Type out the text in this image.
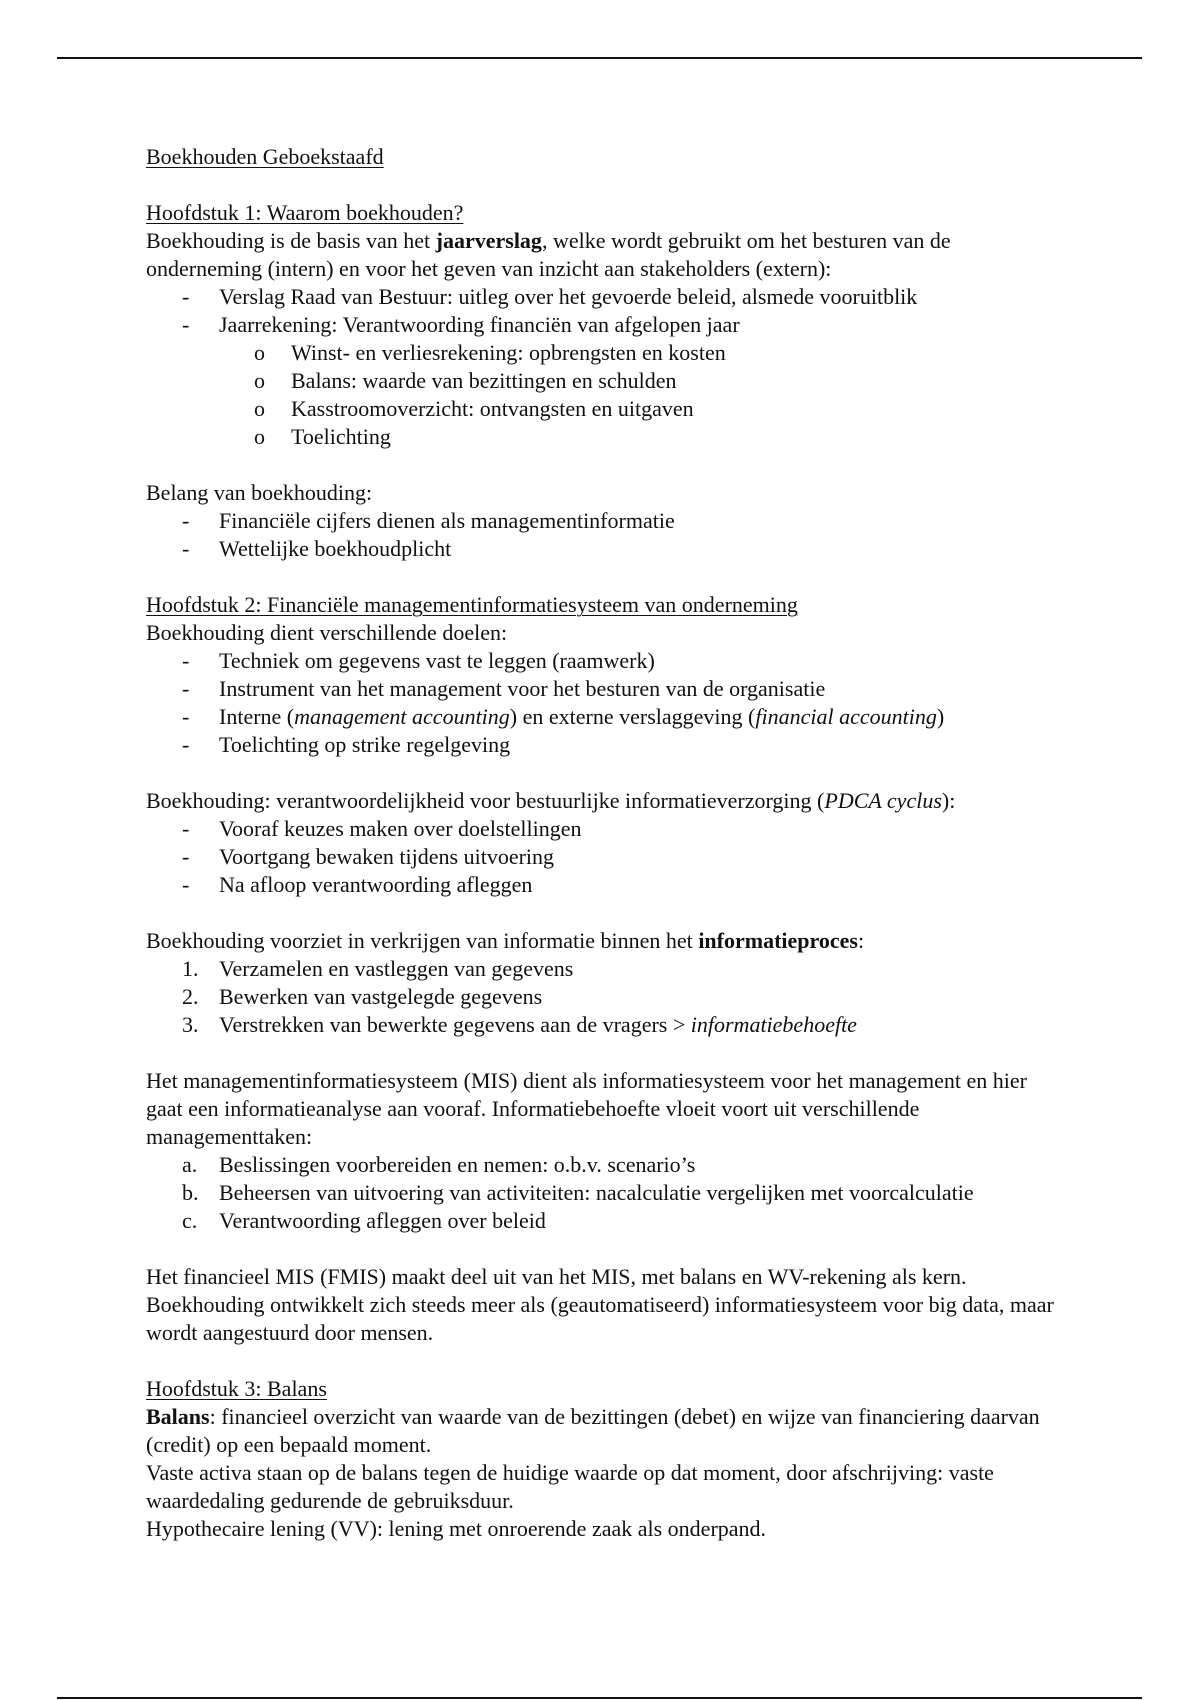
Boekhouden Geboekstaafd

Hoofdstuk 1: Waarom boekhouden?

Boekhouding is de basis van het jaarverslag, welke wordt gebruikt om het besturen van de onderneming (intern) en voor het geven van inzicht aan stakeholders (extern):

-	Verslag Raad van Bestuur: uitleg over het gevoerde beleid, alsmede vooruitblik
-	Jaarrekening: Verantwoording financiën van afgelopen jaar
o Winst- en verliesrekening: opbrengsten en kosten
o Balans: waarde van bezittingen en schulden
o Kasstroomoverzicht: ontvangsten en uitgaven
o Toelichting

Belang van boekhouding:

-	Financiële cijfers dienen als managementinformatie
-	Wettelijke boekhoudplicht

Hoofdstuk 2: Financiële managementinformatiesysteem van onderneming

Boekhouding dient verschillende doelen:

-	Techniek om gegevens vast te leggen (raamwerk)
-	Instrument van het management voor het besturen van de organisatie
-	Interne (management accounting) en externe verslaggeving (financial accounting)
-	Toelichting op strike regelgeving

Boekhouding: verantwoordelijkheid voor bestuurlijke informatieverzorging (PDCA cyclus):

-	Vooraf keuzes maken over doelstellingen
-	Voortgang bewaken tijdens uitvoering
-	Na afloop verantwoording afleggen

Boekhouding voorziet in verkrijgen van informatie binnen het informatieproces:

1. Verzamelen en vastleggen van gegevens
2. Bewerken van vastgelegde gegevens
3. Verstrekken van bewerkte gegevens aan de vragers > informatiebehoefte

Het managementinformatiesysteem (MIS) dient als informatiesysteem voor het management en hier gaat een informatieanalyse aan vooraf. Informatiebehoefte vloeit voort uit verschillende managementtaken:

a. Beslissingen voorbereiden en nemen: o.b.v. scenario’s
b. Beheersen van uitvoering van activiteiten: nacalculatie vergelijken met voorcalculatie
c. Verantwoording afleggen over beleid

Het financieel MIS (FMIS) maakt deel uit van het MIS, met balans en WV-rekening als kern. Boekhouding ontwikkelt zich steeds meer als (geautomatiseerd) informatiesysteem voor big data, maar wordt aangestuurd door mensen.

Hoofdstuk 3: Balans

Balans: financieel overzicht van waarde van de bezittingen (debet) en wijze van financiering daarvan (credit) op een bepaald moment.

Vaste activa staan op de balans tegen de huidige waarde op dat moment, door afschrijving: vaste waardedaling gedurende de gebruiksduur.

Hypothecaire lening (VV): lening met onroerende zaak als onderpand.
